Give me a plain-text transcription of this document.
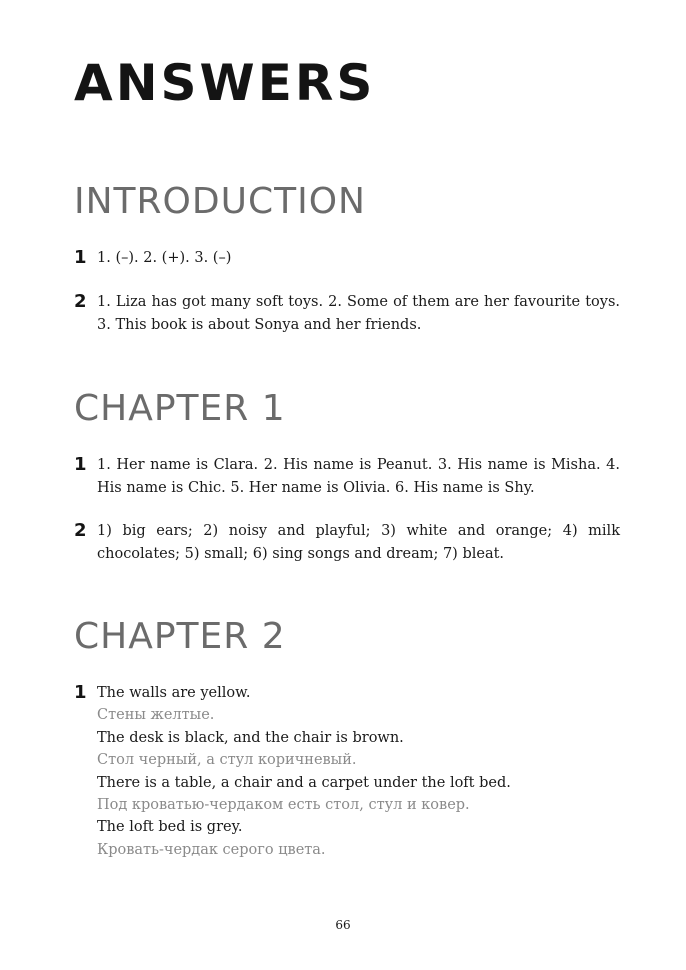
ANSWERS
INTRODUCTION
1 1. (–). 2. (+). 3. (–)
2 1. Liza has got many soft toys. 2. Some of them are her favourite toys. 3. This book is about Sonya and her friends.
CHAPTER 1
1 1. Her name is Clara. 2. His name is Peanut. 3. His name is Misha. 4. His name is Chic. 5. Her name is Olivia. 6. His name is Shy.
2 1) big ears; 2) noisy and playful; 3) white and orange; 4) milk chocolates; 5) small; 6) sing songs and dream; 7) bleat.
CHAPTER 2
1 The walls are yellow.
Стены желтые.
The desk is black, and the chair is brown.
Стол черный, а стул коричневый.
There is a table, a chair and a carpet under the loft bed.
Под кроватью-чердаком есть стол, стул и ковер.
The loft bed is grey.
Кровать-чердак серого цвета.
66
